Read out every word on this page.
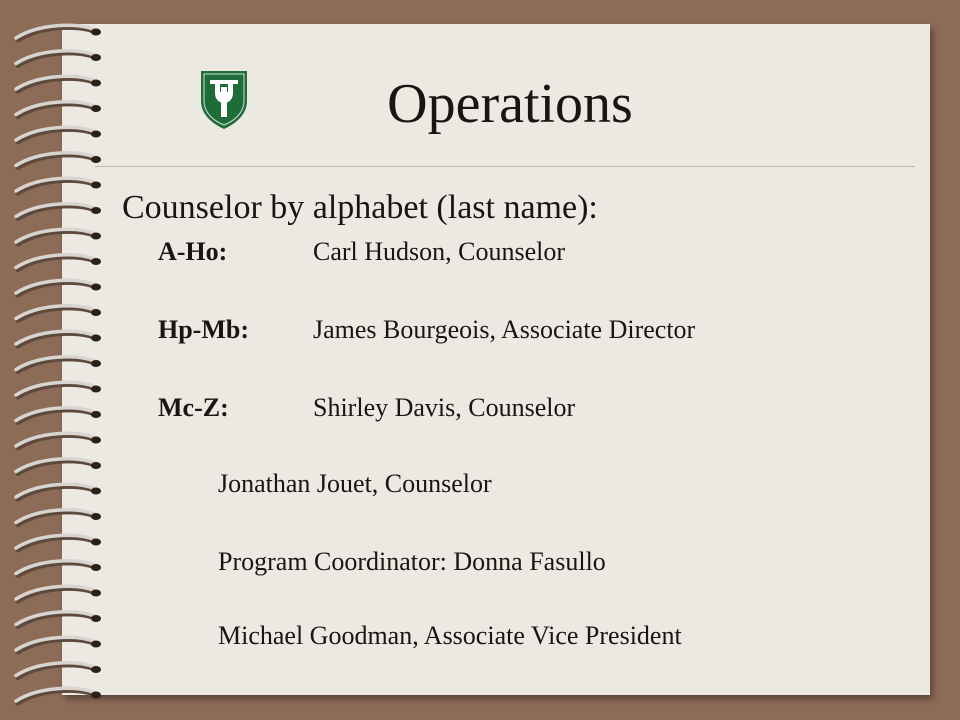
Operations
Counselor by alphabet (last name):
A-Ho:	Carl Hudson, Counselor
Hp-Mb: James Bourgeois, Associate Director
Mc-Z:	Shirley Davis, Counselor
Jonathan Jouet, Counselor
Program Coordinator: Donna Fasullo
Michael Goodman, Associate Vice President
